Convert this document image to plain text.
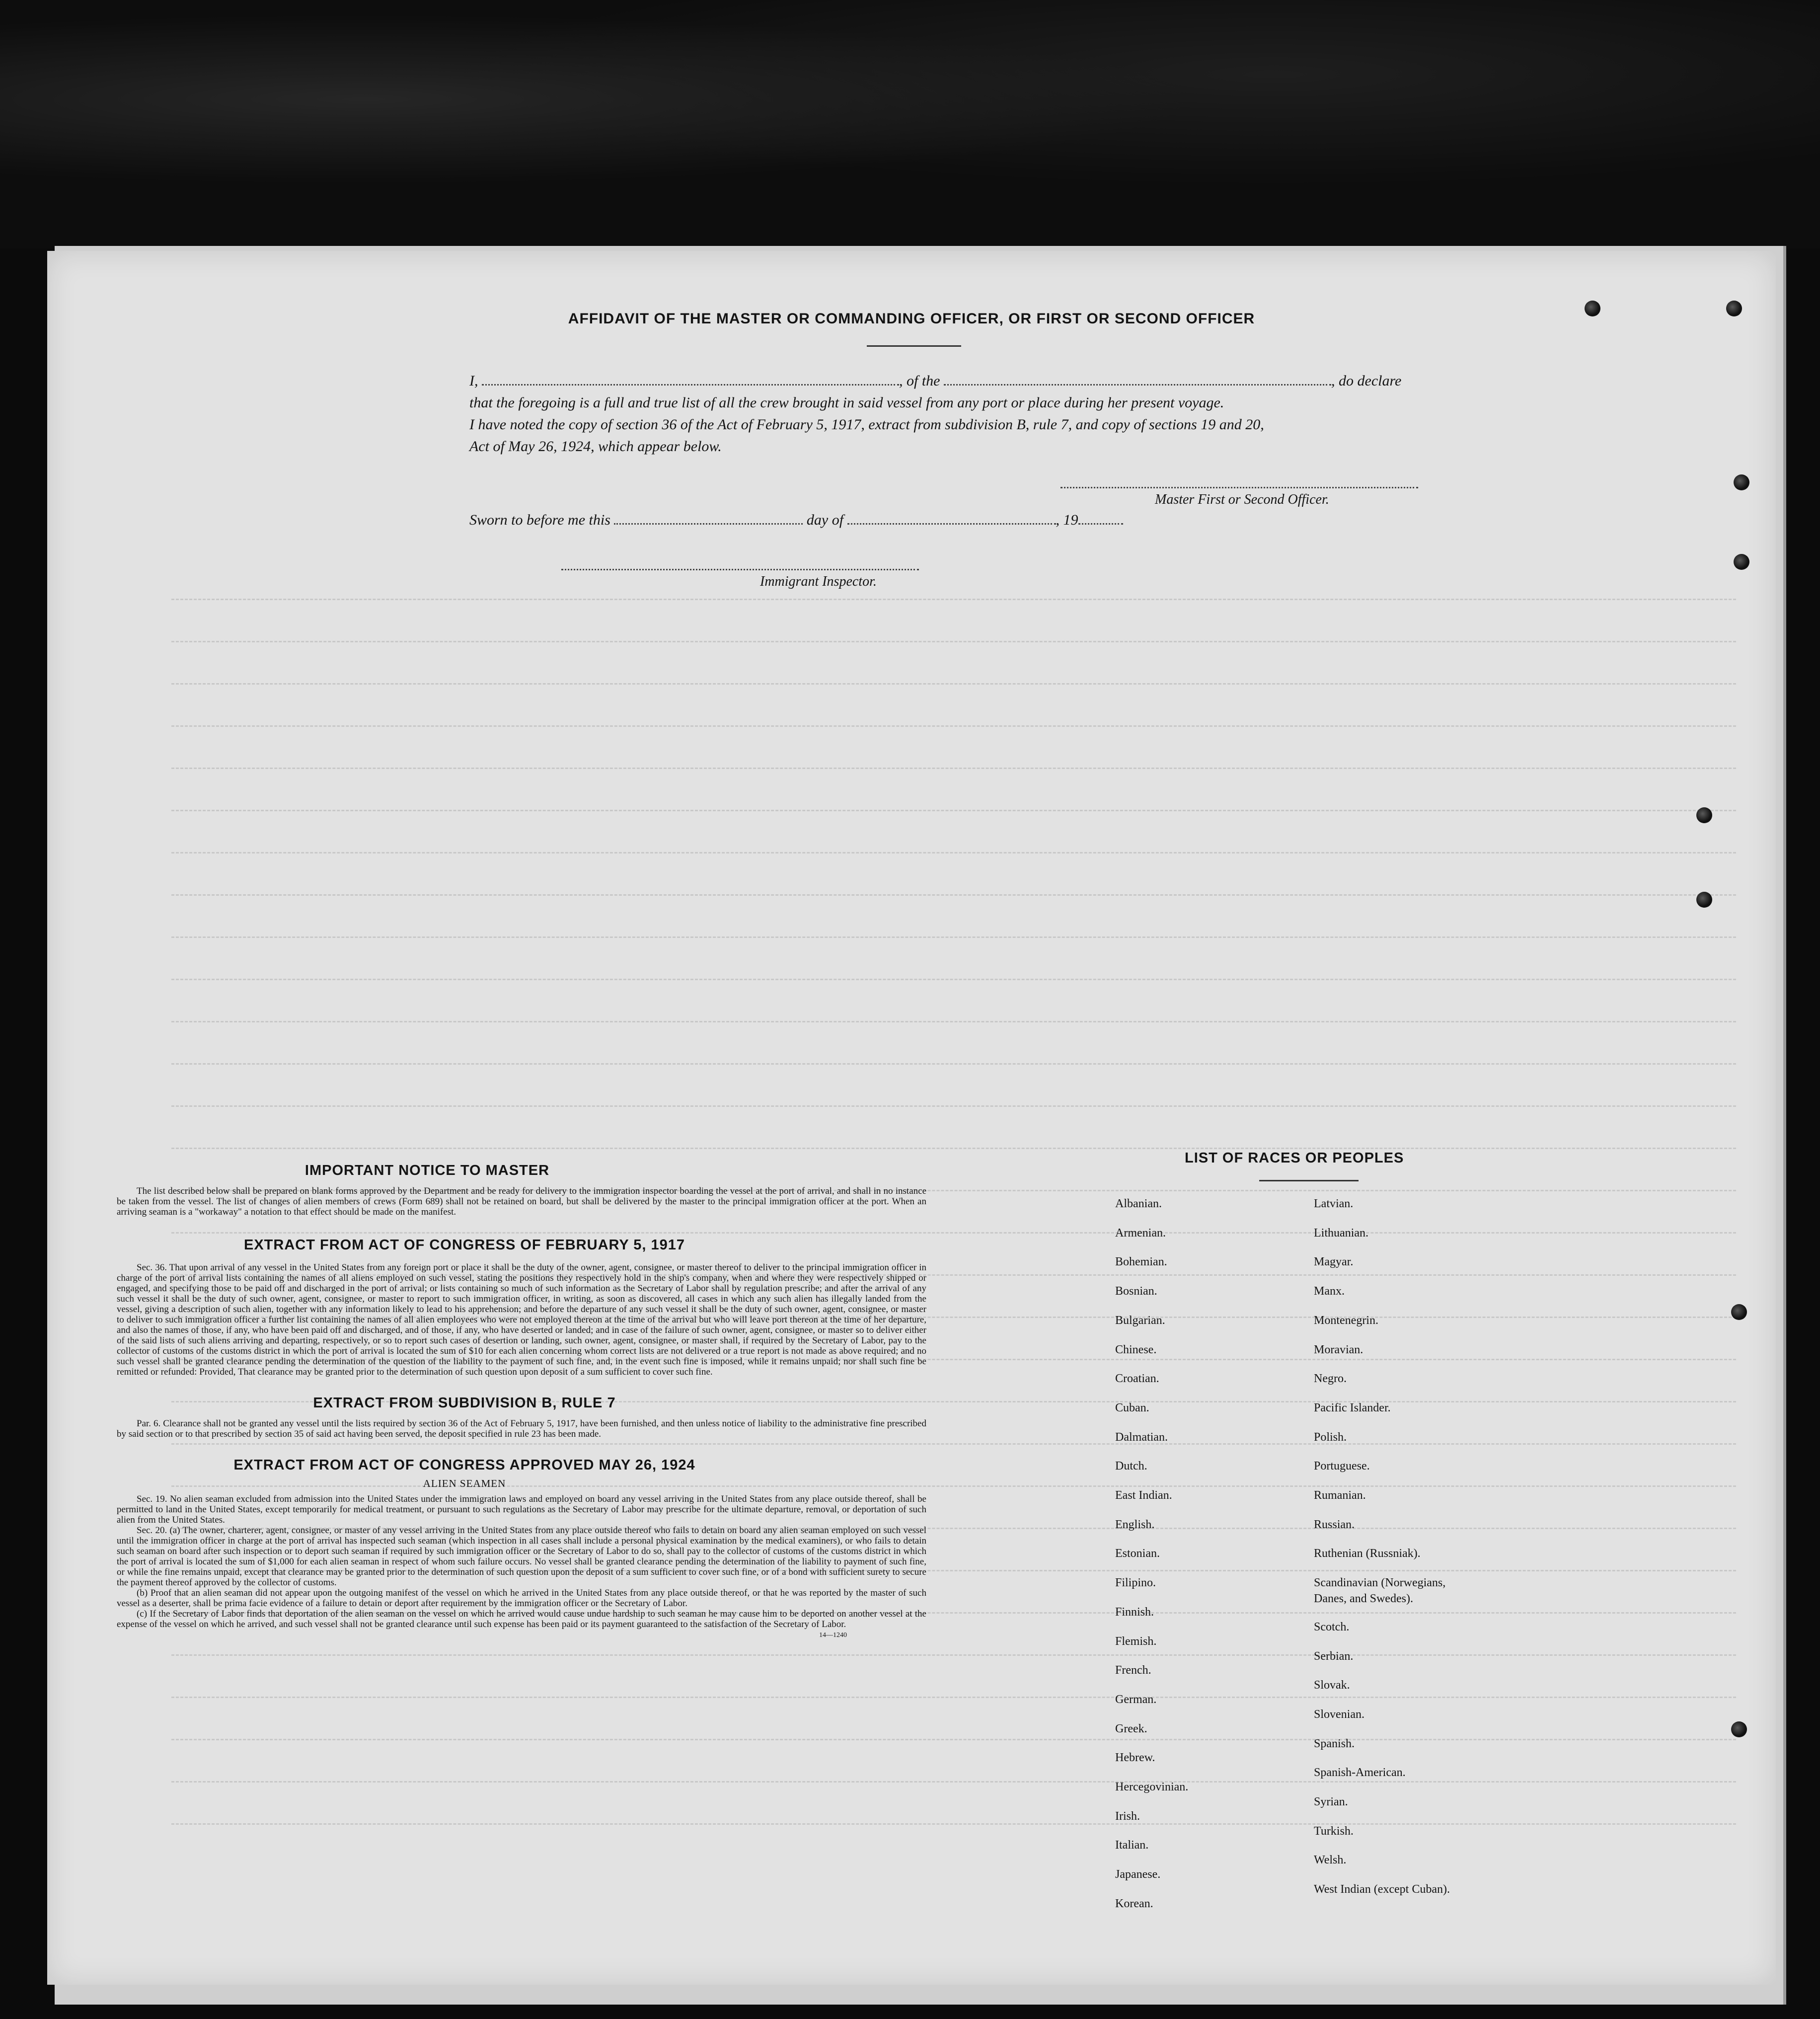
AFFIDAVIT OF THE MASTER OR COMMANDING OFFICER, OR FIRST OR SECOND OFFICER
I,	, of the	, do declare
that the foregoing is a full and true list of all the crew brought in said vessel from any port or place during her present voyage.
I have noted the copy of section 36 of the Act of February 5, 1917, extract from subdivision B, rule 7, and copy of sections 19 and 20,
Act of May 26, 1924, which appear below.
Master First or Second Officer.
Sworn to before me this	day of	, 19
Immigrant Inspector.
IMPORTANT NOTICE TO MASTER

The list described below shall be prepared on blank forms approved by the Department and be ready for delivery to the immigration inspector boarding the vessel at the port of arrival, and shall in no instance be taken from the vessel. The list of changes of alien members of crews (Form 689) shall not be retained on board, but shall be delivered by the master to the principal immigration officer at the port. When an arriving seaman is a "workaway" a notation to that effect should be made on the manifest.

EXTRACT FROM ACT OF CONGRESS OF FEBRUARY 5, 1917

Sec. 36. That upon arrival of any vessel in the United States from any foreign port or place it shall be the duty of the owner, agent, consignee, or master thereof to deliver to the principal immigration officer in charge of the port of arrival lists containing the names of all aliens employed on such vessel, stating the positions they respectively hold in the ship's company, when and where they were respectively shipped or engaged, and specifying those to be paid off and discharged in the port of arrival; or lists containing so much of such information as the Secretary of Labor shall by regulation prescribe; and after the arrival of any such vessel it shall be the duty of such owner, agent, consignee, or master to report to such immigration officer, in writing, as soon as discovered, all cases in which any such alien has illegally landed from the vessel, giving a description of such alien, together with any information likely to lead to his apprehension; and before the departure of any such vessel it shall be the duty of such owner, agent, consignee, or master to deliver to such immigration officer a further list containing the names of all alien employees who were not employed thereon at the time of the arrival but who will leave port thereon at the time of her departure, and also the names of those, if any, who have been paid off and discharged, and of those, if any, who have deserted or landed; and in case of the failure of such owner, agent, consignee, or master so to deliver either of the said lists of such aliens arriving and departing, respectively, or so to report such cases of desertion or landing, such owner, agent, consignee, or master shall, if required by the Secretary of Labor, pay to the collector of customs of the customs district in which the port of arrival is located the sum of $10 for each alien concerning whom correct lists are not delivered or a true report is not made as above required; and no such vessel shall be granted clearance pending the determination of the question of the liability to the payment of such fine, and, in the event such fine is imposed, while it remains unpaid; nor shall such fine be remitted or refunded: Provided, That clearance may be granted prior to the determination of such question upon deposit of a sum sufficient to cover such fine.

EXTRACT FROM SUBDIVISION B, RULE 7

Par. 6. Clearance shall not be granted any vessel until the lists required by section 36 of the Act of February 5, 1917, have been furnished, and then unless notice of liability to the administrative fine prescribed by said section or to that prescribed by section 35 of said act having been served, the deposit specified in rule 23 has been made.

EXTRACT FROM ACT OF CONGRESS APPROVED MAY 26, 1924
ALIEN SEAMEN

Sec. 19. No alien seaman excluded from admission into the United States under the immigration laws and employed on board any vessel arriving in the United States from any place outside thereof, shall be permitted to land in the United States, except temporarily for medical treatment, or pursuant to such regulations as the Secretary of Labor may prescribe for the ultimate departure, removal, or deportation of such alien from the United States.

Sec. 20. (a) The owner, charterer, agent, consignee, or master of any vessel arriving in the United States from any place outside thereof who fails to detain on board any alien seaman employed on such vessel until the immigration officer in charge at the port of arrival has inspected such seaman (which inspection in all cases shall include a personal physical examination by the medical examiners), or who fails to detain such seaman on board after such inspection or to deport such seaman if required by such immigration officer or the Secretary of Labor to do so, shall pay to the collector of customs of the customs district in which the port of arrival is located the sum of $1,000 for each alien seaman in respect of whom such failure occurs. No vessel shall be granted clearance pending the determination of the liability to payment of such fine, or while the fine remains unpaid, except that clearance may be granted prior to the determination of such question upon the deposit of a sum sufficient to cover such fine, or of a bond with sufficient surety to secure the payment thereof approved by the collector of customs.

(b) Proof that an alien seaman did not appear upon the outgoing manifest of the vessel on which he arrived in the United States from any place outside thereof, or that he was reported by the master of such vessel as a deserter, shall be prima facie evidence of a failure to detain or deport after requirement by the immigration officer or the Secretary of Labor.

(c) If the Secretary of Labor finds that deportation of the alien seaman on the vessel on which he arrived would cause undue hardship to such seaman he may cause him to be deported on another vessel at the expense of the vessel on which he arrived, and such vessel shall not be granted clearance until such expense has been paid or its payment guaranteed to the satisfaction of the Secretary of Labor.

14—1240
LIST OF RACES OR PEOPLES
Albanian.
Armenian.
Bohemian.
Bosnian.
Bulgarian.
Chinese.
Croatian.
Cuban.
Dalmatian.
Dutch.
East Indian.
English.
Estonian.
Filipino.
Finnish.
Flemish.
French.
German.
Greek.
Hebrew.
Hercegovinian.
Irish.
Italian.
Japanese.
Korean.
Latvian.
Lithuanian.
Magyar.
Manx.
Montenegrin.
Moravian.
Negro.
Pacific Islander.
Polish.
Portuguese.
Rumanian.
Russian.
Ruthenian (Russniak).
Scandinavian (Norwegians,
Danes, and Swedes).
Scotch.
Serbian.
Slovak.
Slovenian.
Spanish.
Spanish-American.
Syrian.
Turkish.
Welsh.
West Indian (except Cuban).
